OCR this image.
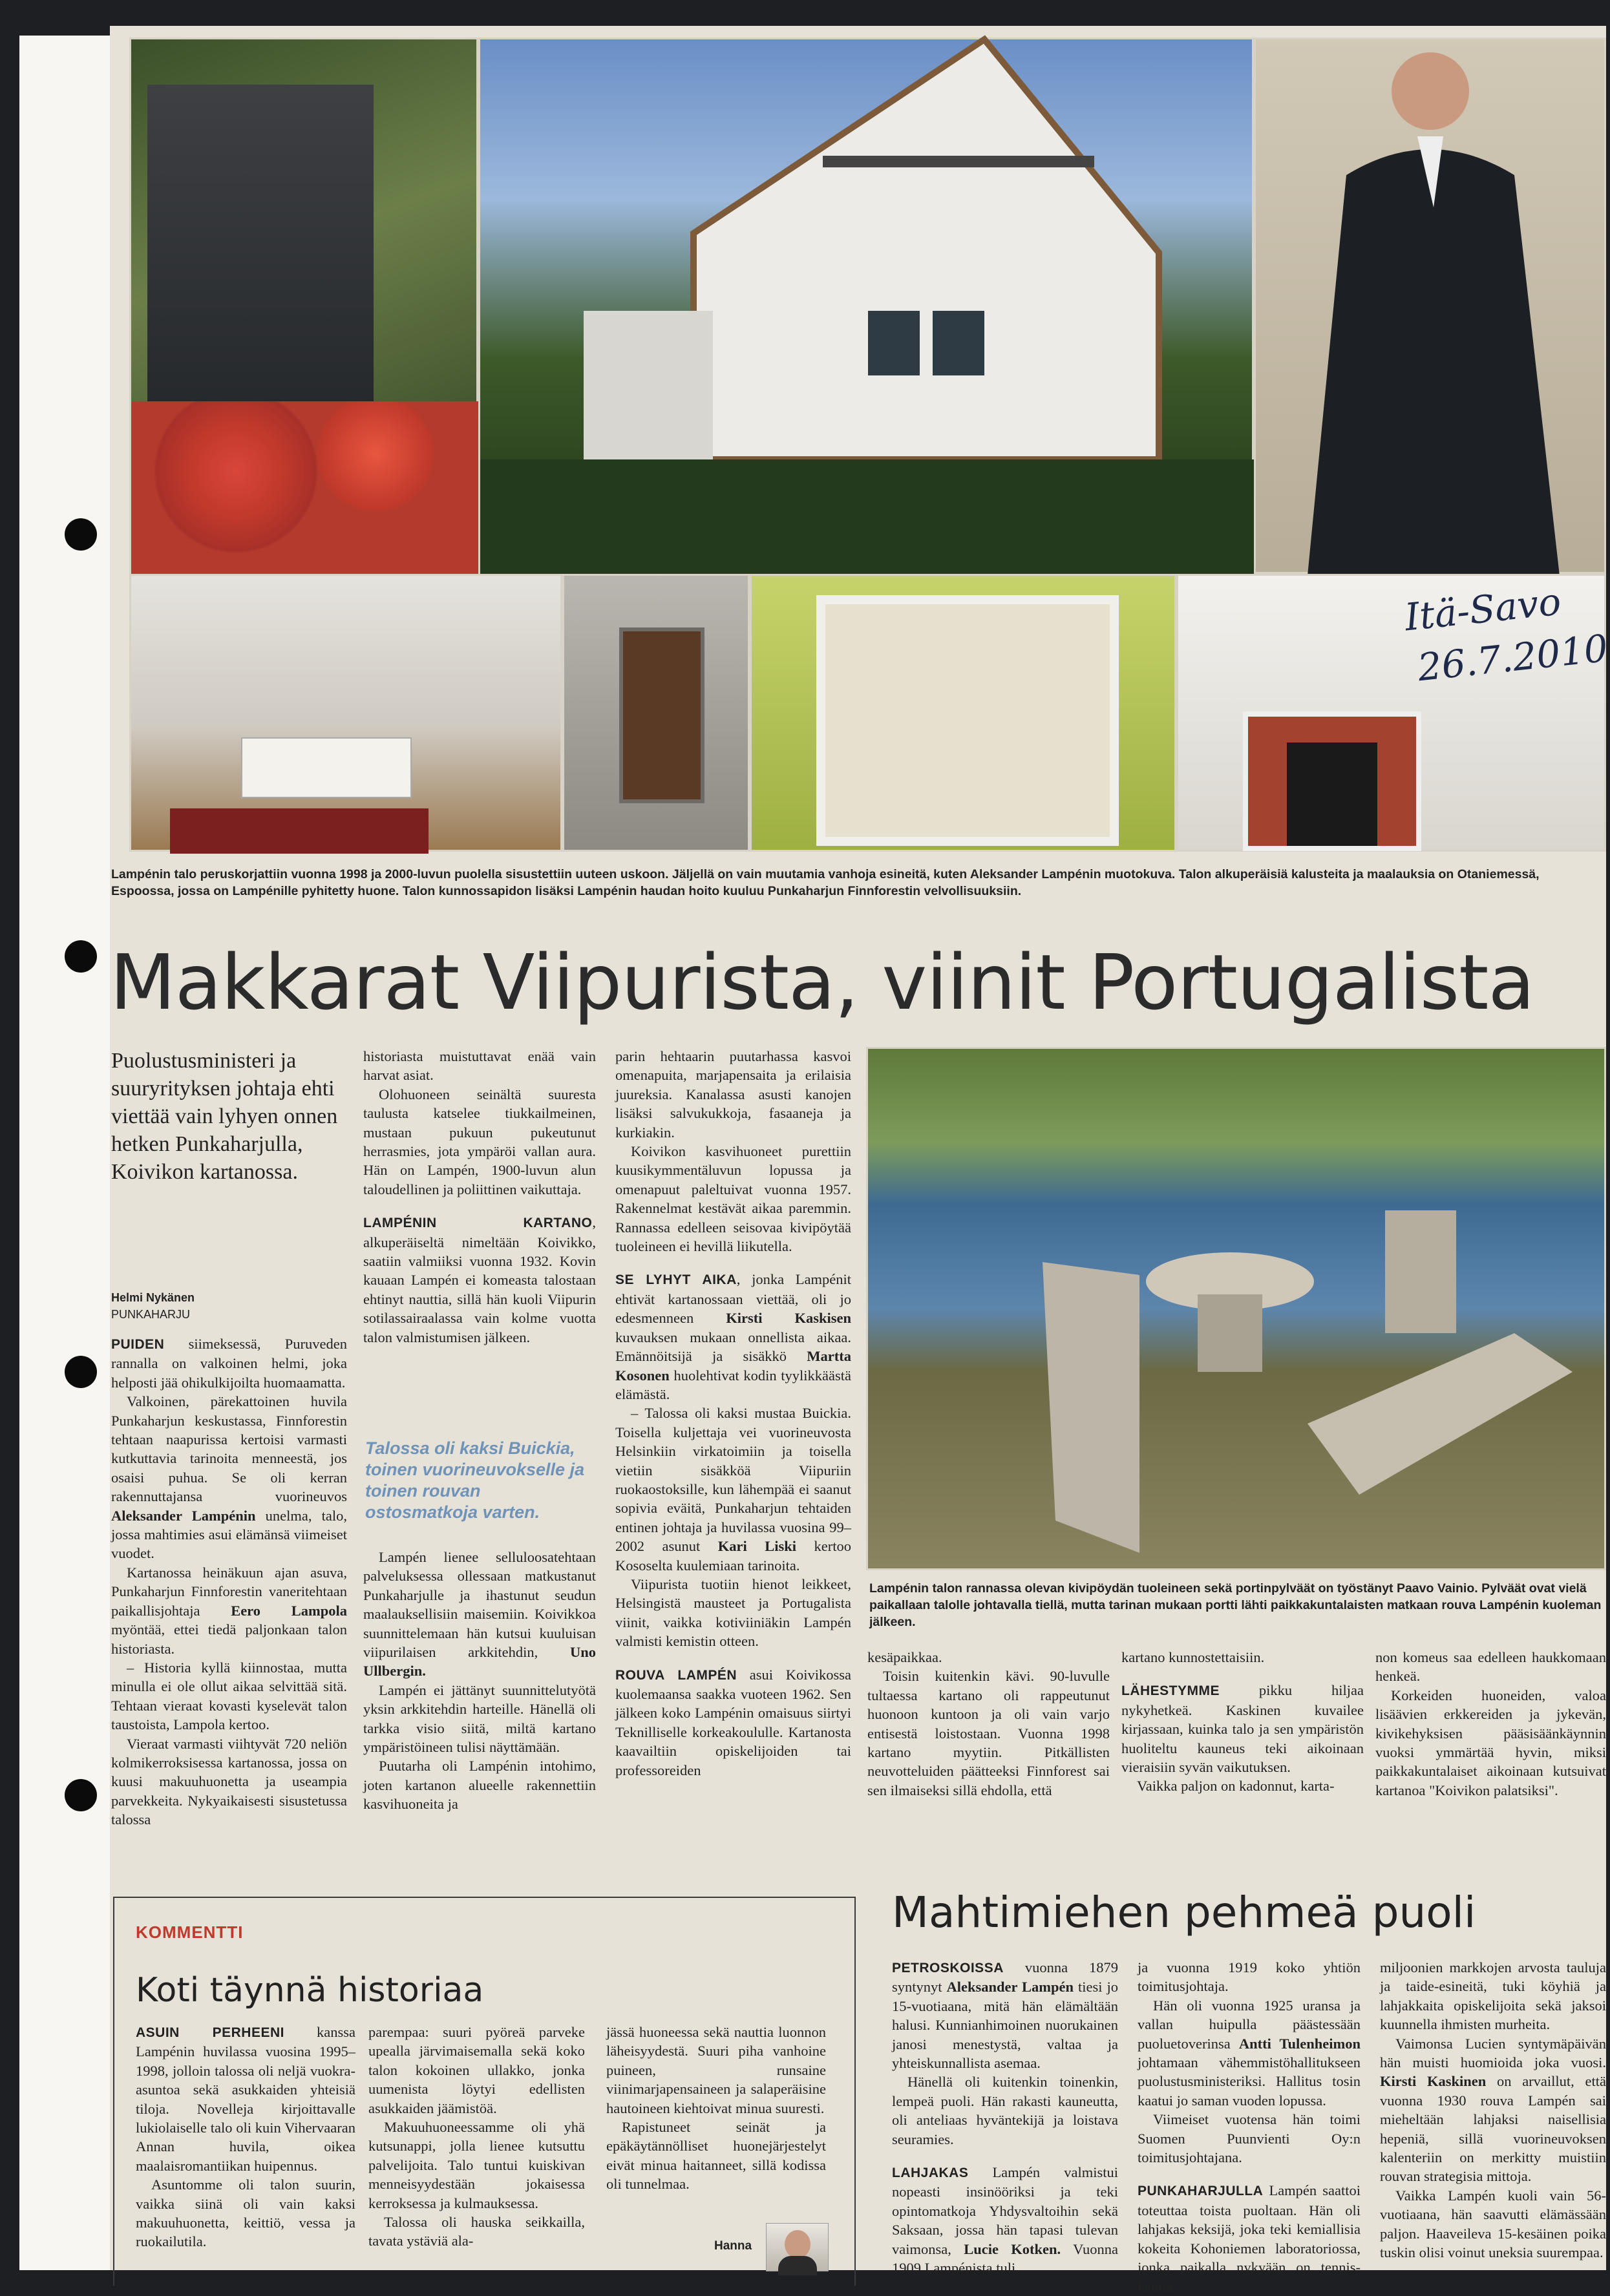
Itä-Savo
26.7.2010
Lampénin talo peruskorjattiin vuonna 1998 ja 2000-luvun puolella sisustettiin uuteen uskoon. Jäljellä on vain muutamia vanhoja esineitä, kuten Aleksander Lampénin muotokuva. Talon alkuperäisiä kalusteita ja maalauksia on Otaniemessä, Espoossa, jossa on Lampénille pyhitetty huone. Talon kunnossapidon lisäksi Lampénin haudan hoito kuuluu Punkaharjun Finnforestin velvollisuuksiin.
Makkarat Viipurista, viinit Portugalista
Puolustusministeri ja suuryrityksen johtaja ehti viettää vain lyhyen onnen hetken Punkaharjulla, Koivikon kartanossa.
Helmi Nykänen
PUNKAHARJU

PUIDEN siimeksessä, Puruveden rannalla on valkoinen helmi, joka helposti jää ohikulkijoilta huomaamatta.

Valkoinen, pärekattoinen huvila Punkaharjun keskustassa, Finnforestin tehtaan naapurissa kertoisi varmasti kutkuttavia tarinoita menneestä, jos osaisi puhua. Se oli kerran rakennuttajansa vuorineuvos Aleksander Lampénin unelma, talo, jossa mahtimies asui elämänsä viimeiset vuodet.

Kartanossa heinäkuun ajan asuva, Punkaharjun Finnforestin vaneritehtaan paikallisjohtaja Eero Lampola myöntää, ettei tiedä paljonkaan talon historiasta.

– Historia kyllä kiinnostaa, mutta minulla ei ole ollut aikaa selvittää sitä. Tehtaan vieraat kovasti kyselevät talon taustoista, Lampola kertoo.

Vieraat varmasti viihtyvät 720 neliön kolmikerroksisessa kartanossa, jossa on kuusi makuuhuonetta ja useampia parvekkeita. Nykyaikaisesti sisustetussa talossa

historiasta muistuttavat enää vain harvat asiat.

Olohuoneen seinältä suuresta taulusta katselee tiukkailmeinen, mustaan pukuun pukeutunut herrasmies, jota ympäröi vallan aura. Hän on Lampén, 1900-luvun alun taloudellinen ja poliittinen vaikuttaja.

LAMPÉNIN KARTANO, alkuperäiseltä nimeltään Koivikko, saatiin valmiiksi vuonna 1932. Kovin kauaan Lampén ei komeasta talostaan ehtinyt nauttia, sillä hän kuoli Viipurin sotilassairaalassa vain kolme vuotta talon valmistumisen jälkeen.

Talossa oli kaksi Buickia, toinen vuorineuvokselle ja toinen rouvan ostosmatkoja varten.

Lampén lienee selluloosatehtaan palveluksessa ollessaan matkustanut Punkaharjulle ja ihastunut seudun maalauksellisiin maisemiin. Koivikkoa suunnittelemaan hän kutsui kuuluisan viipurilaisen arkkitehdin, Uno Ullbergin.

Lampén ei jättänyt suunnittelutyötä yksin arkkitehdin harteille. Hänellä oli tarkka visio siitä, miltä kartano ympäristöineen tulisi näyttämään.

Puutarha oli Lampénin intohimo, joten kartanon alueelle rakennettiin kasvihuoneita ja

parin hehtaarin puutarhassa kasvoi omenapuita, marjapensaita ja erilaisia juureksia. Kanalassa asusti kanojen lisäksi salvukukkoja, fasaaneja ja kurkiakin.

Koivikon kasvihuoneet purettiin kuusikymmentäluvun lopussa ja omenapuut paleltuivat vuonna 1957. Rakennelmat kestävät aikaa paremmin. Rannassa edelleen seisovaa kivipöytää tuoleineen ei hevillä liikutella.

SE LYHYT AIKA, jonka Lampénit ehtivät kartanossaan viettää, oli jo edesmenneen Kirsti Kaskisen kuvauksen mukaan onnellista aikaa. Emännöitsijä ja sisäkkö Martta Kosonen huolehtivat kodin tyylikkäästä elämästä.

– Talossa oli kaksi mustaa Buickia. Toisella kuljettaja vei vuorineuvosta Helsinkiin virkatoimiin ja toisella vietiin sisäkköä Viipuriin ruokaostoksille, kun lähempää ei saanut sopivia eväitä, Punkaharjun tehtaiden entinen johtaja ja huvilassa vuosina 99–2002 asunut Kari Liski kertoo Kososelta kuulemiaan tarinoita.

Viipurista tuotiin hienot leikkeet, Helsingistä mausteet ja Portugalista viinit, vaikka kotiviiniäkin Lampén valmisti kemistin otteen.

ROUVA LAMPÉN asui Koivikossa kuolemaansa saakka vuoteen 1962. Sen jälkeen koko Lampénin omaisuus siirtyi Teknilliselle korkeakoululle. Kartanosta kaavailtiin opiskelijoiden tai professoreiden

Lampénin talon rannassa olevan kivipöydän tuoleineen sekä portinpylväät on työstänyt Paavo Vainio. Pylväät ovat vielä paikallaan talolle johtavalla tiellä, mutta tarinan mukaan portti lähti paikkakuntalaisten matkaan rouva Lampénin kuoleman jälkeen.

kesäpaikkaa.

Toisin kuitenkin kävi. 90-luvulle tultaessa kartano oli rappeutunut huonoon kuntoon ja oli vain varjo entisestä loistostaan. Vuonna 1998 kartano myytiin. Pitkällisten neuvotteluiden päätteeksi Finnforest sai sen ilmaiseksi sillä ehdolla, että

kartano kunnostettaisiin.

LÄHESTYMME pikku hiljaa nykyhetkeä. Kaskinen kuvailee kirjassaan, kuinka talo ja sen ympäristön huoliteltu kauneus teki aikoinaan vieraisiin syvän vaikutuksen.

Vaikka paljon on kadonnut, karta-

non komeus saa edelleen haukkomaan henkeä.

Korkeiden huoneiden, valoa lisäävien erkkereiden ja jykevän, kivikehyksisen pääsisäänkäynnin vuoksi ymmärtää hyvin, miksi paikkakuntalaiset aikoinaan kutsuivat kartanoa "Koivikon palatsiksi".

KOMMENTTI
Koti täynnä historiaa

ASUIN PERHEENI kanssa Lampénin huvilassa vuosina 1995–1998, jolloin talossa oli neljä vuokra-asuntoa sekä asukkaiden yhteisiä tiloja. Novelleja kirjoittavalle lukiolaiselle talo oli kuin Vihervaaran Annan huvila, oikea maalaisromantiikan huipennus.

Asuntomme oli talon suurin, vaikka siinä oli vain kaksi makuuhuonetta, keittiö, vessa ja ruokailutila.

parempaa: suuri pyöreä parveke upealla järvimaisemalla sekä koko talon kokoinen ullakko, jonka uumenista löytyi edellisten asukkaiden jäämistöä.

Makuuhuoneessamme oli yhä kutsunappi, jolla lienee kutsuttu palvelijoita. Talo tuntui kuiskivan menneisyydestään jokaisessa kerroksessa ja kulmauksessa.

Talossa oli hauska seikkailla, tavata ystäviä ala-

jässä huoneessa sekä nauttia luonnon läheisyydestä. Suuri piha vanhoine puineen, runsaine viinimarjapensaineen ja salaperäisine hautoineen kiehtoivat minua suuresti.

Rapistuneet seinät ja epäkäytännölliset huonejärjestelyt eivät minua haitanneet, sillä kodissa oli tunnelmaa.

Hanna
Mahtimiehen pehmeä puoli

PETROSKOISSA vuonna 1879 syntynyt Aleksander Lampén tiesi jo 15-vuotiaana, mitä hän elämältään halusi. Kunnianhimoinen nuorukainen janosi menestystä, valtaa ja yhteiskunnallista asemaa.

Hänellä oli kuitenkin toinenkin, lempeä puoli. Hän rakasti kauneutta, oli anteliaas hyväntekijä ja loistava seuramies.

LAHJAKAS Lampén valmistui nopeasti insinööriksi ja teki opintomatkoja Yhdysvaltoihin sekä Saksaan, jossa hän tapasi tulevan vaimonsa, Lucie Kotken. Vuonna 1909 Lampénista tuli

ja vuonna 1919 koko yhtiön toimitusjohtaja.

Hän oli vuonna 1925 uransa ja vallan huipulla päästessään puoluetoverinsa Antti Tulenheimon johtamaan vähemmistöhallitukseen puolustusministeriksi. Hallitus tosin kaatui jo saman vuoden lopussa.

Viimeiset vuotensa hän toimi Suomen Puunvienti Oy:n toimitusjohtajana.

PUNKAHARJULLA Lampén saattoi toteuttaa toista puoltaan. Hän oli lahjakas keksijä, joka teki kemiallisia kokeita Kohoniemen laboratoriossa, jonka paikalla nykyään on tenniskenttä.

miljoonien markkojen arvosta tauluja ja taide-esineitä, tuki köyhiä ja lahjakkaita opiskelijoita sekä jaksoi kuunnella ihmisten murheita.

Vaimonsa Lucien syntymäpäivän hän muisti huomioida joka vuosi. Kirsti Kaskinen on arvaillut, että vuonna 1930 rouva Lampén sai mieheltään lahjaksi naisellisia hepeniä, sillä vuorineuvoksen kalenteriin on merkitty muistiin rouvan strategisia mittoja.

Vaikka Lampén kuoli vain 56-vuotiaana, hän saavutti elämässään paljon. Haaveileva 15-kesäinen poika tuskin olisi voinut uneksia suurempaa.
